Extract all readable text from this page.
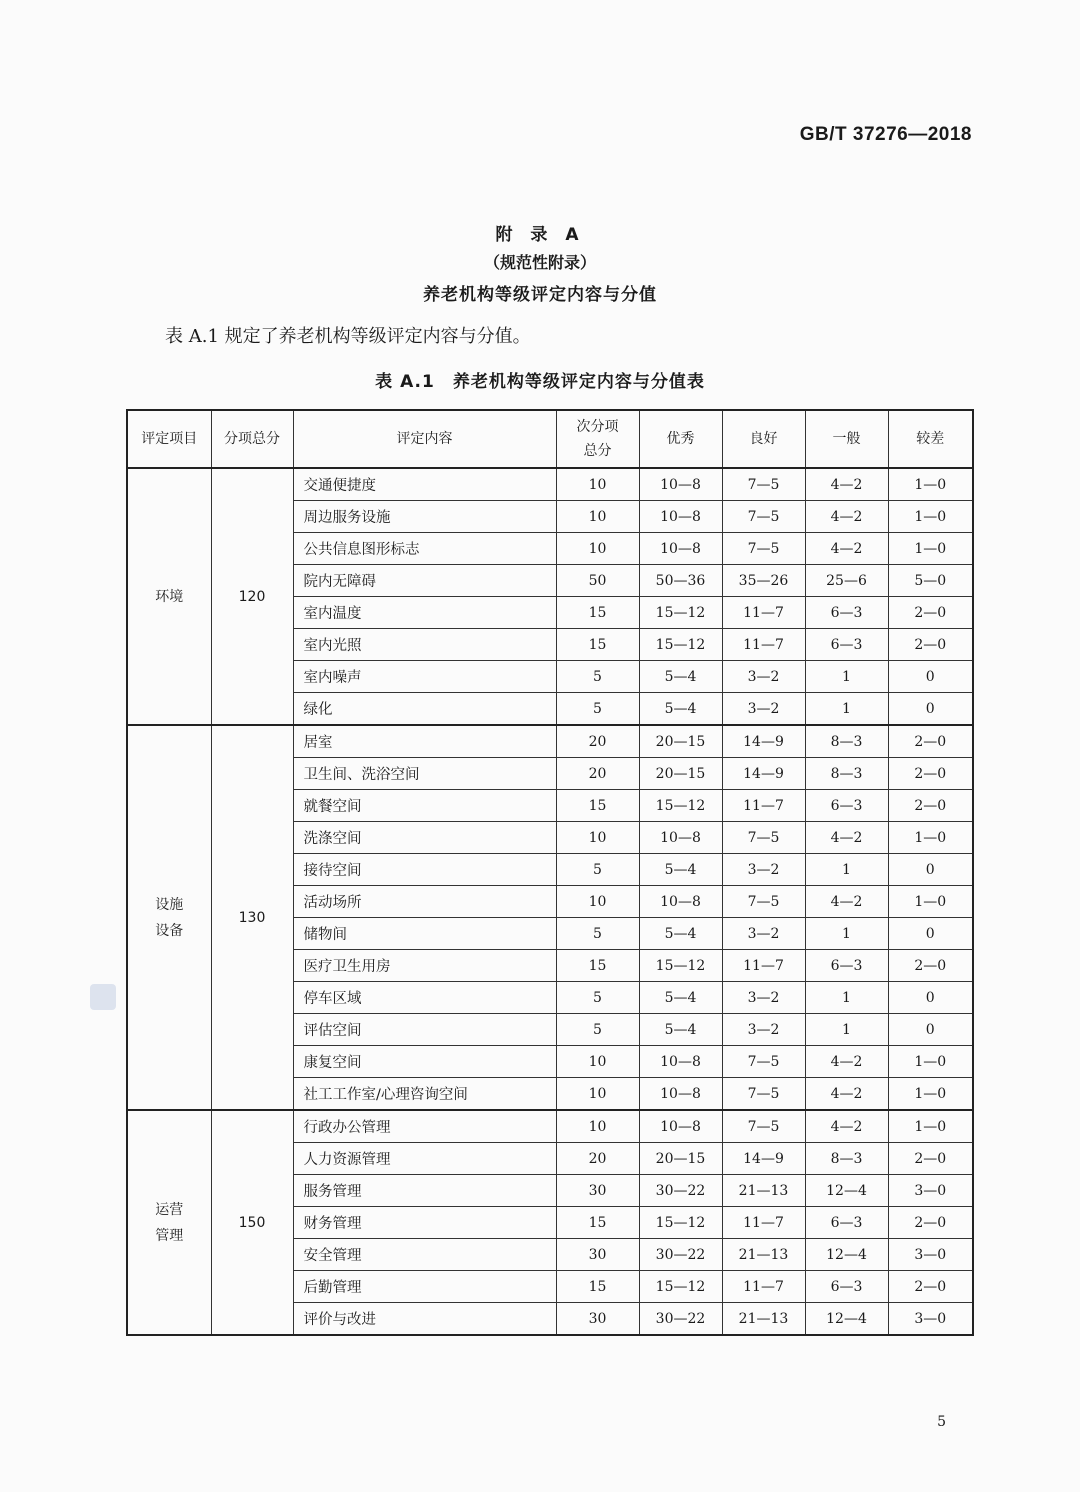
GB/T 37276—2018
附 录 A
（规范性附录）
养老机构等级评定内容与分值
表 A.1 规定了养老机构等级评定内容与分值。
表 A.1　养老机构等级评定内容与分值表
评定项目	分项总分	评定内容	次分项
总分	优秀	良好	一般	较差
环境	120	交通便捷度	10	10—8	7—5	4—2	1—0
		周边服务设施	10	10—8	7—5	4—2	1—0
		公共信息图形标志	10	10—8	7—5	4—2	1—0
		院内无障碍	50	50—36	35—26	25—6	5—0
		室内温度	15	15—12	11—7	6—3	2—0
		室内光照	15	15—12	11—7	6—3	2—0
		室内噪声	5	5—4	3—2	1	0
		绿化	5	5—4	3—2	1	0
设施
设备	130	居室	20	20—15	14—9	8—3	2—0
		卫生间、洗浴空间	20	20—15	14—9	8—3	2—0
		就餐空间	15	15—12	11—7	6—3	2—0
		洗涤空间	10	10—8	7—5	4—2	1—0
		接待空间	5	5—4	3—2	1	0
		活动场所	10	10—8	7—5	4—2	1—0
		储物间	5	5—4	3—2	1	0
		医疗卫生用房	15	15—12	11—7	6—3	2—0
		停车区域	5	5—4	3—2	1	0
		评估空间	5	5—4	3—2	1	0
		康复空间	10	10—8	7—5	4—2	1—0
		社工工作室/心理咨询空间	10	10—8	7—5	4—2	1—0
运营
管理	150	行政办公管理	10	10—8	7—5	4—2	1—0
		人力资源管理	20	20—15	14—9	8—3	2—0
		服务管理	30	30—22	21—13	12—4	3—0
		财务管理	15	15—12	11—7	6—3	2—0
		安全管理	30	30—22	21—13	12—4	3—0
		后勤管理	15	15—12	11—7	6—3	2—0
		评价与改进	30	30—22	21—13	12—4	3—0
5
